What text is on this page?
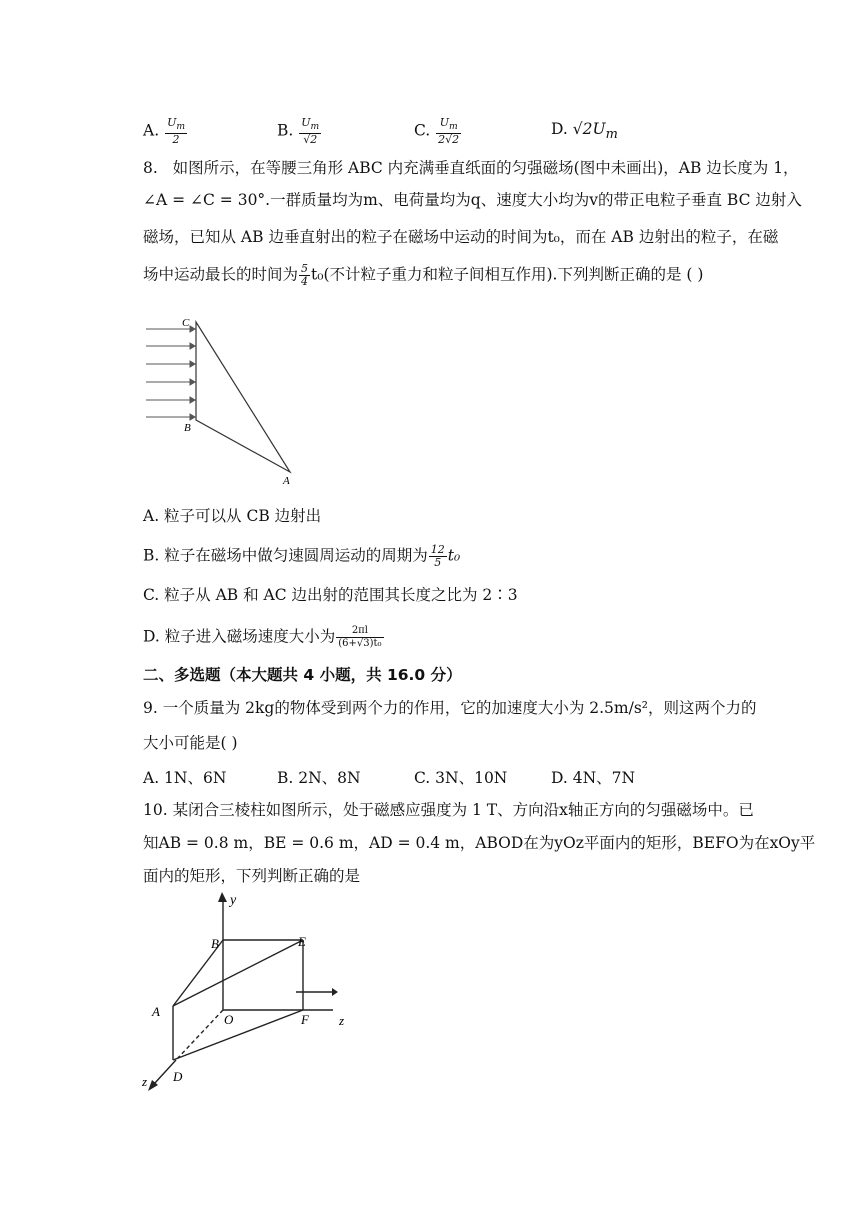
A. $\frac{U_m}{2}$	B. $\frac{U_m}{√2}$	C. $\frac{U_m}{2√2}$	D. $√2U_m$
8. 如图所示，在等腰三角形 ABC 内充满垂直纸面的匀强磁场(图中未画出)，AB 边长度为 1，
∠A = ∠C = 30°.一群质量均为m、电荷量均为q、速度大小均为v的带正电粒子垂直 BC 边射入
磁场，已知从 AB 边垂直射出的粒子在磁场中运动的时间为t₀，而在 AB 边射出的粒子，在磁
场中运动最长的时间为 $\frac{5}{4} t_0$(不计粒子重力和粒子间相互作用).下列判断正确的是 ( )
C
B
A
A. 粒子可以从 CB 边射出
B. 粒子在磁场中做匀速圆周运动的周期为 $\frac{12}{5} t_0$
C. 粒子从 AB 和 AC 边出射的范围其长度之比为 2∶3
D. 粒子进入磁场速度大小为 $\frac{2\pi l}{\text{(6+√3)t₀}}$
二、多选题（本大题共 4 小题，共 16.0 分）
9. 一个质量为 2kg的物体受到两个力的作用，它的加速度大小为 2.5m/s²，则这两个力的
大小可能是( )
A. 1N、6N	B. 2N、8N	C. 3N、10N	D. 4N、7N
10. 某闭合三棱柱如图所示，处于磁感应强度为 1 T、方向沿x轴正方向的匀强磁场中。已
知AB = 0.8 m，BE = 0.6 m，AD = 0.4 m，ABOD在为yOz平面内的矩形，BEFO为在xOy平
面内的矩形，下列判断正确的是
y
B	E
A
O	F z
D
z
